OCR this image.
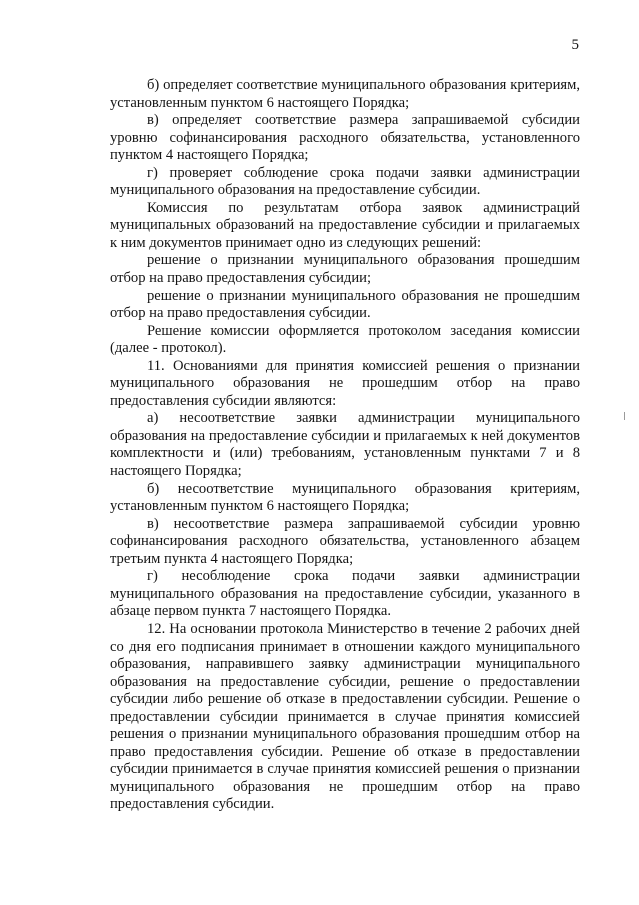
5

б) определяет соответствие муниципального образования критериям, установленным пунктом 6 настоящего Порядка;

в) определяет соответствие размера запрашиваемой субсидии уровню софинансирования расходного обязательства, установленного пунктом 4 настоящего Порядка;

г) проверяет соблюдение срока подачи заявки администрации муниципального образования на предоставление субсидии.

Комиссия по результатам отбора заявок администраций муниципальных образований на предоставление субсидии и прилагаемых к ним документов принимает одно из следующих решений:

решение о признании муниципального образования прошедшим отбор на право предоставления субсидии;

решение о признании муниципального образования не прошедшим отбор на право предоставления субсидии.

Решение комиссии оформляется протоколом заседания комиссии (далее - протокол).

11. Основаниями для принятия комиссией решения о признании муниципального образования не прошедшим отбор на право предоставления субсидии являются:

а) несоответствие заявки администрации муниципального образования на предоставление субсидии и прилагаемых к ней документов комплектности и (или) требованиям, установленным пунктами 7 и 8 настоящего Порядка;

б) несоответствие муниципального образования критериям, установленным пунктом 6 настоящего Порядка;

в) несоответствие размера запрашиваемой субсидии уровню софинансирования расходного обязательства, установленного абзацем третьим пункта 4 настоящего Порядка;

г) несоблюдение срока подачи заявки администрации муниципального образования на предоставление субсидии, указанного в абзаце первом пункта 7 настоящего Порядка.

12. На основании протокола Министерство в течение 2 рабочих дней со дня его подписания принимает в отношении каждого муниципального образования, направившего заявку администрации муниципального образования на предоставление субсидии, решение о предоставлении субсидии либо решение об отказе в предоставлении субсидии. Решение о предоставлении субсидии принимается в случае принятия комиссией решения о признании муниципального образования прошедшим отбор на право предоставления субсидии. Решение об отказе в предоставлении субсидии принимается в случае принятия комиссией решения о признании муниципального образования не прошедшим отбор на право предоставления субсидии.
